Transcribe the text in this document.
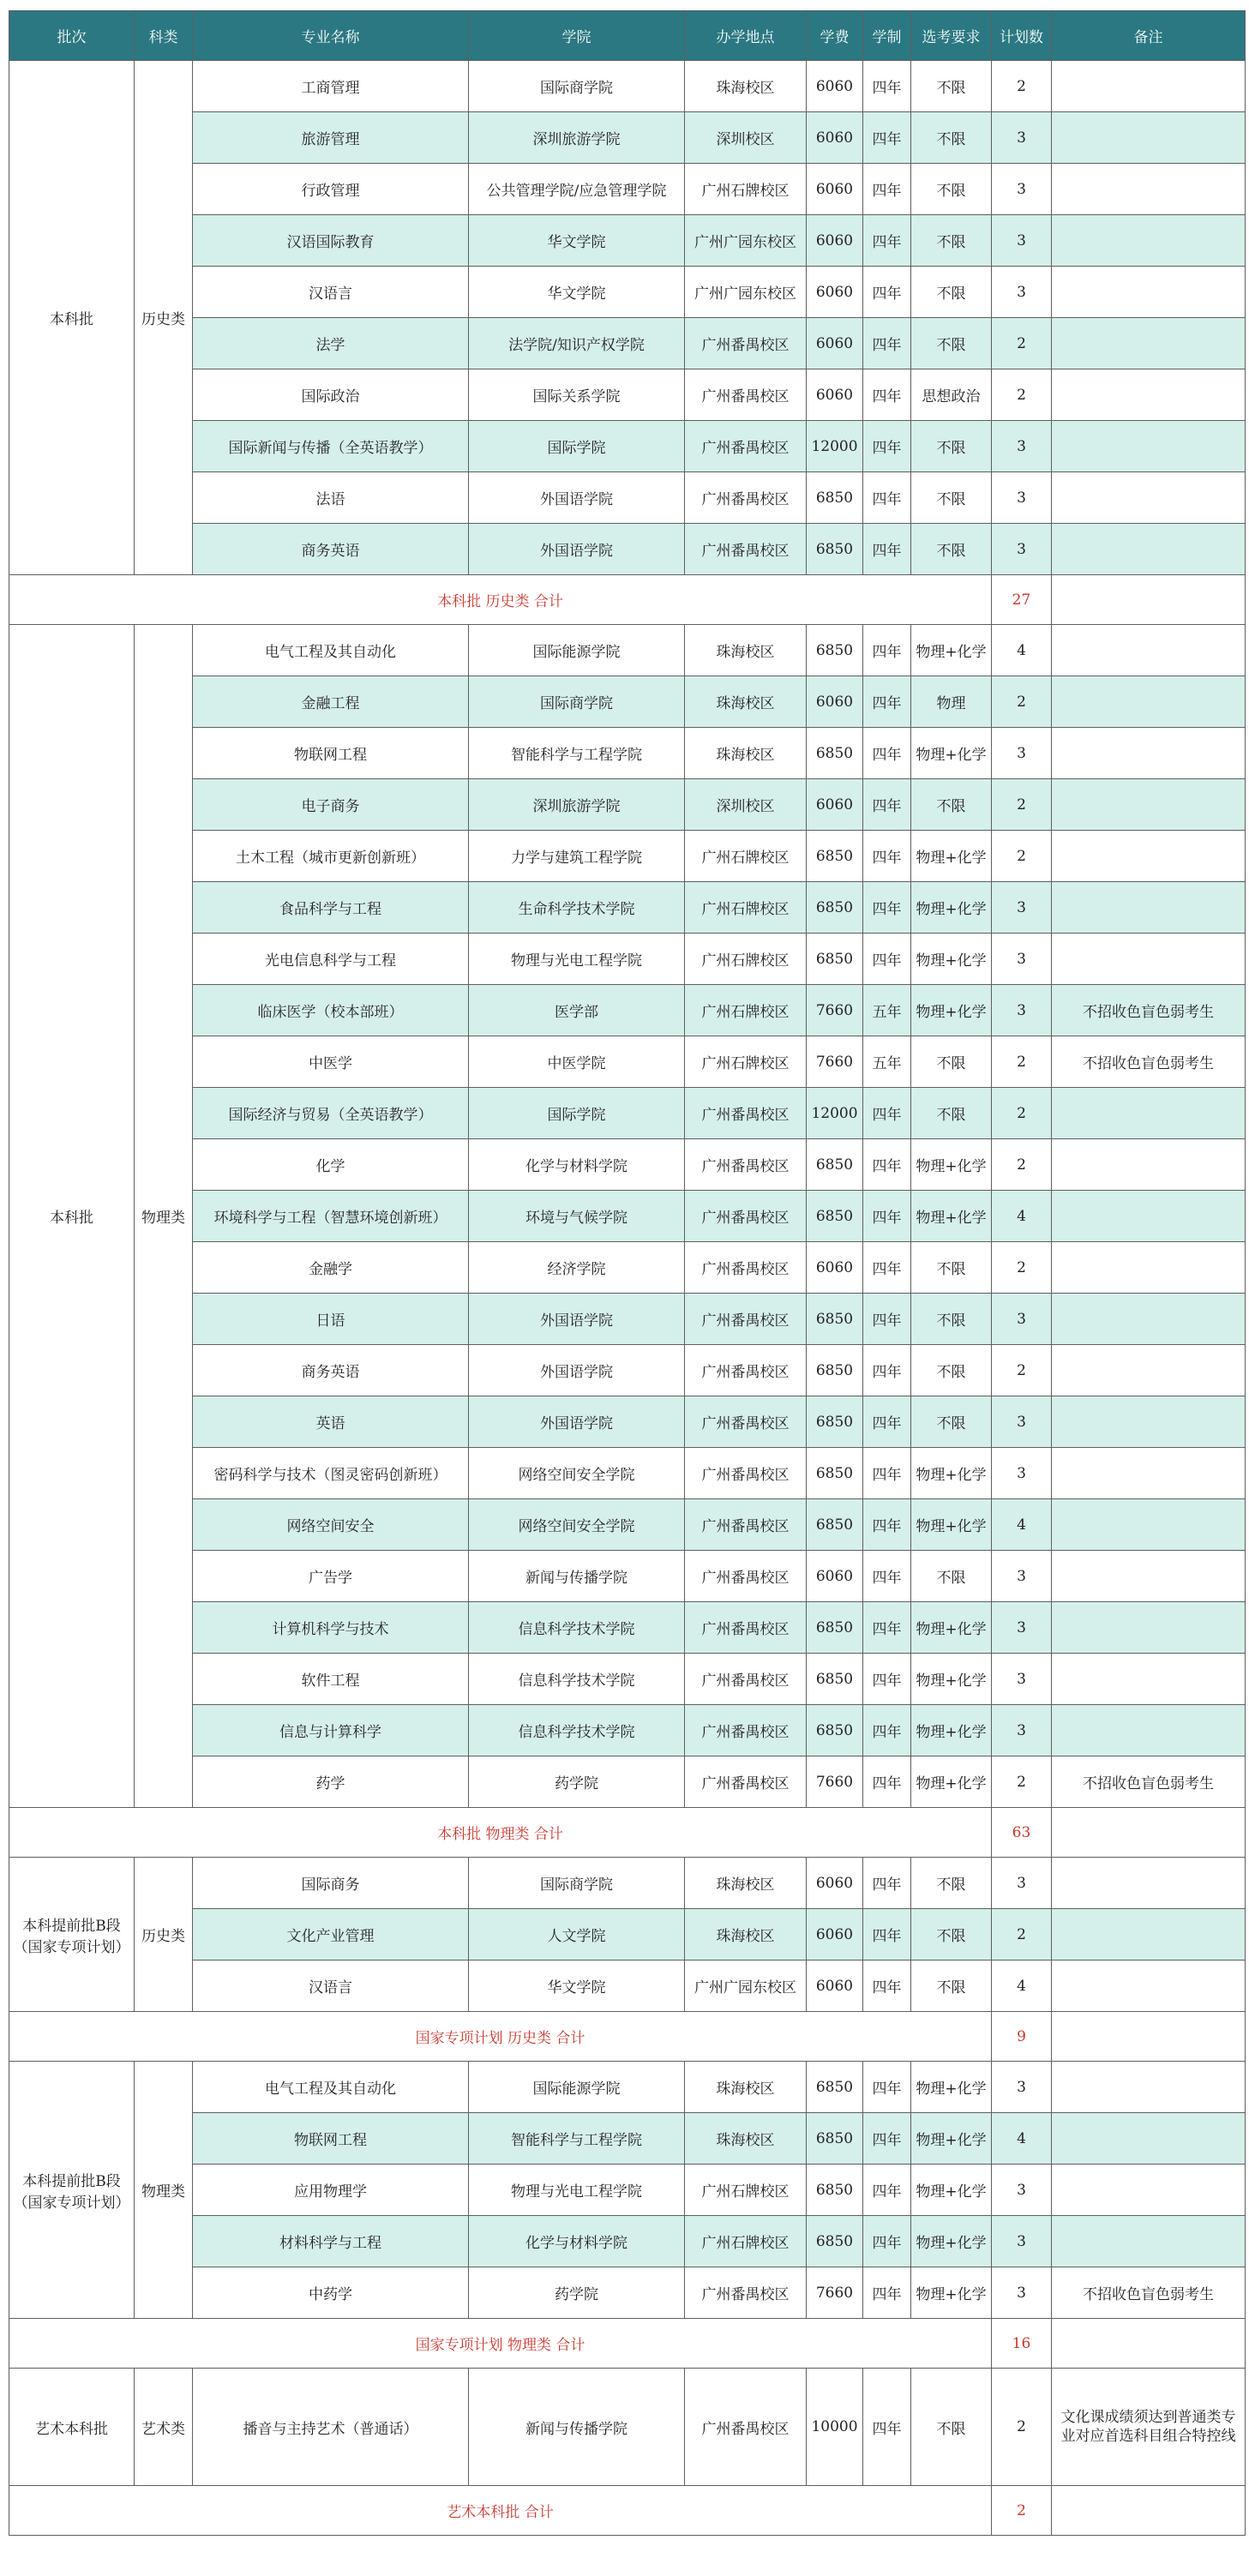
批次	科类	专业名称	学院	办学地点	学费	学制	选考要求	计划数	备注
本科批	历史类	工商管理	国际商学院	珠海校区	6060	四年	不限	2	
		旅游管理	深圳旅游学院	深圳校区	6060	四年	不限	3	
		行政管理	公共管理学院/应急管理学院	广州石牌校区	6060	四年	不限	3	
		汉语国际教育	华文学院	广州广园东校区	6060	四年	不限	3	
		汉语言	华文学院	广州广园东校区	6060	四年	不限	3	
		法学	法学院/知识产权学院	广州番禺校区	6060	四年	不限	2	
		国际政治	国际关系学院	广州番禺校区	6060	四年	思想政治	2	
		国际新闻与传播（全英语教学）	国际学院	广州番禺校区	12000	四年	不限	3	
		法语	外国语学院	广州番禺校区	6850	四年	不限	3	
		商务英语	外国语学院	广州番禺校区	6850	四年	不限	3	
本科批 历史类 合计								27	
本科批	物理类	电气工程及其自动化	国际能源学院	珠海校区	6850	四年	物理+化学	4	
		金融工程	国际商学院	珠海校区	6060	四年	物理	2	
		物联网工程	智能科学与工程学院	珠海校区	6850	四年	物理+化学	3	
		电子商务	深圳旅游学院	深圳校区	6060	四年	不限	2	
		土木工程（城市更新创新班）	力学与建筑工程学院	广州石牌校区	6850	四年	物理+化学	2	
		食品科学与工程	生命科学技术学院	广州石牌校区	6850	四年	物理+化学	3	
		光电信息科学与工程	物理与光电工程学院	广州石牌校区	6850	四年	物理+化学	3	
		临床医学（校本部班）	医学部	广州石牌校区	7660	五年	物理+化学	3	不招收色盲色弱考生
		中医学	中医学院	广州石牌校区	7660	五年	不限	2	不招收色盲色弱考生
		国际经济与贸易（全英语教学）	国际学院	广州番禺校区	12000	四年	不限	2	
		化学	化学与材料学院	广州番禺校区	6850	四年	物理+化学	2	
		环境科学与工程（智慧环境创新班）	环境与气候学院	广州番禺校区	6850	四年	物理+化学	4	
		金融学	经济学院	广州番禺校区	6060	四年	不限	2	
		日语	外国语学院	广州番禺校区	6850	四年	不限	3	
		商务英语	外国语学院	广州番禺校区	6850	四年	不限	2	
		英语	外国语学院	广州番禺校区	6850	四年	不限	3	
		密码科学与技术（图灵密码创新班）	网络空间安全学院	广州番禺校区	6850	四年	物理+化学	3	
		网络空间安全	网络空间安全学院	广州番禺校区	6850	四年	物理+化学	4	
		广告学	新闻与传播学院	广州番禺校区	6060	四年	不限	3	
		计算机科学与技术	信息科学技术学院	广州番禺校区	6850	四年	物理+化学	3	
		软件工程	信息科学技术学院	广州番禺校区	6850	四年	物理+化学	3	
		信息与计算科学	信息科学技术学院	广州番禺校区	6850	四年	物理+化学	3	
		药学	药学院	广州番禺校区	7660	四年	物理+化学	2	不招收色盲色弱考生
本科批 物理类 合计								63	
本科提前批B段（国家专项计划）	历史类	国际商务	国际商学院	珠海校区	6060	四年	不限	3	
		文化产业管理	人文学院	珠海校区	6060	四年	不限	2	
		汉语言	华文学院	广州广园东校区	6060	四年	不限	4	
国家专项计划 历史类 合计								9	
本科提前批B段（国家专项计划）	物理类	电气工程及其自动化	国际能源学院	珠海校区	6850	四年	物理+化学	3	
		物联网工程	智能科学与工程学院	珠海校区	6850	四年	物理+化学	4	
		应用物理学	物理与光电工程学院	广州石牌校区	6850	四年	物理+化学	3	
		材料科学与工程	化学与材料学院	广州石牌校区	6850	四年	物理+化学	3	
		中药学	药学院	广州番禺校区	7660	四年	物理+化学	3	不招收色盲色弱考生
国家专项计划 物理类 合计								16	
艺术本科批	艺术类	播音与主持艺术（普通话）	新闻与传播学院	广州番禺校区	10000	四年	不限	2	文化课成绩须达到普通类专业对应首选科目组合特控线
艺术本科批 合计								2	
